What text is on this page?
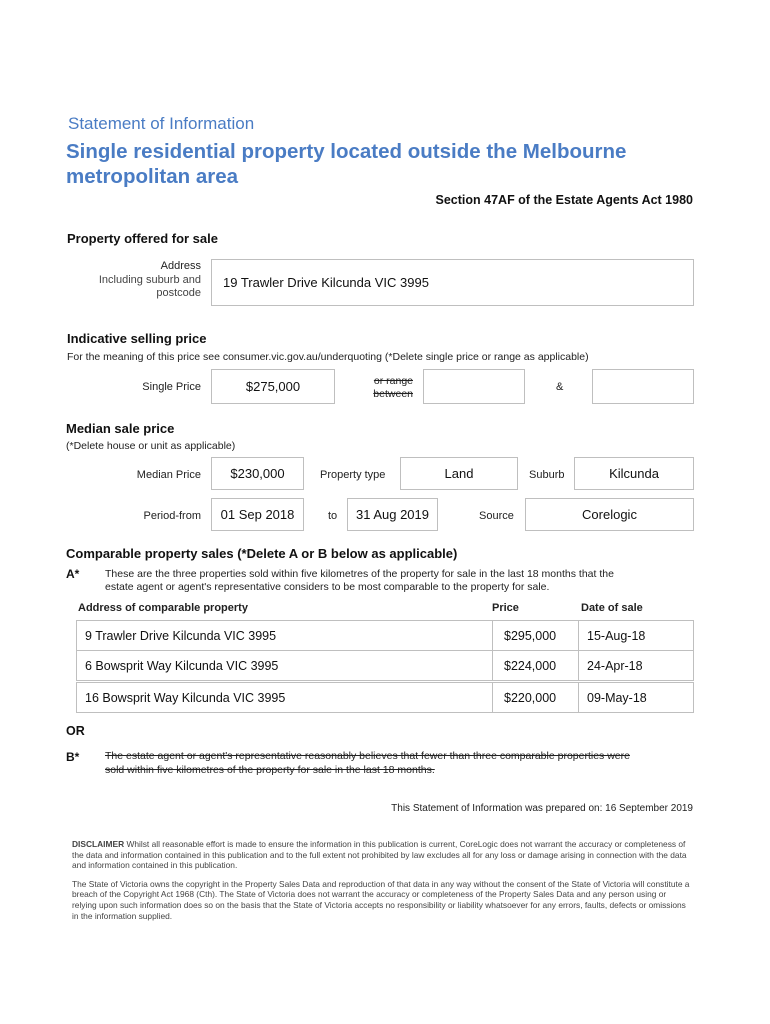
Statement of Information
Single residential property located outside the Melbourne
metropolitan area
Section 47AF of the Estate Agents Act 1980
Property offered for sale
Address
Including suburb and
postcode
19 Trawler Drive Kilcunda VIC 3995
Indicative selling price
For the meaning of this price see consumer.vic.gov.au/underquoting (*Delete single price or range as applicable)
Single Price	$275,000	or range
between
&
Median sale price
(*Delete house or unit as applicable)
Median Price $230,000	Property type	Land	Suburb	Kilcunda
Period-from 01 Sep 2018	to 31 Aug 2019	Source	Corelogic
Comparable property sales (*Delete A or B below as applicable)
A* These are the three properties sold within five kilometres of the property for sale in the last 18 months that the
estate agent or agent's representative considers to be most comparable to the property for sale.
Address of comparable property	Price	Date of sale
9 Trawler Drive Kilcunda VIC 3995	$295,000 15-Aug-18
6 Bowsprit Way Kilcunda VIC 3995	$224,000 24-Apr-18
16 Bowsprit Way Kilcunda VIC 3995	$220,000 09-May-18
OR
B* The estate agent or agent's representative reasonably believes that fewer than three comparable properties were
sold within five kilometres of the property for sale in the last 18 months.
This Statement of Information was prepared on: 16 September 2019
DISCLAIMER Whilst all reasonable effort is made to ensure the information in this publication is current, CoreLogic does not warrant the accuracy or completeness of the data and information contained in this publication and to the full extent not prohibited by law excludes all for any loss or damage arising in connection with the data and information contained in this publication.
The State of Victoria owns the copyright in the Property Sales Data and reproduction of that data in any way without the consent of the State of Victoria will constitute a breach of the Copyright Act 1968 (Cth). The State of Victoria does not warrant the accuracy or completeness of the Property Sales Data and any person using or relying upon such information does so on the basis that the State of Victoria accepts no responsibility or liability whatsoever for any errors, faults, defects or omissions in the information supplied.
